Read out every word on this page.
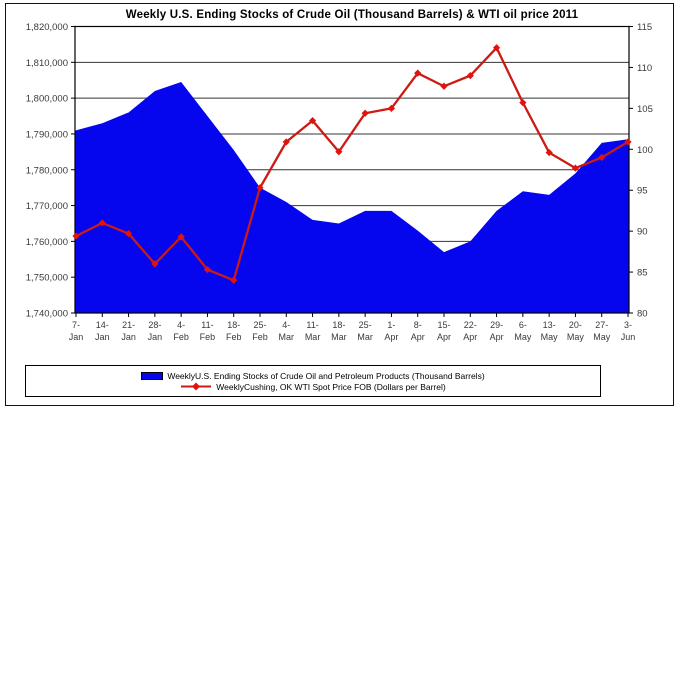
Weekly U.S. Ending Stocks of Crude Oil (Thousand Barrels) & WTI oil price 2011
1,820,000
1,810,000
1,800,000
1,790,000
1,780,000
1,770,000
1,760,000
1,750,000
1,740,000
115
110
105
100
95
90
85
80
7-
Jan
14-
Jan
21-
Jan
28-
Jan
4-
Feb
11-
Feb
18-
Feb
25-
Feb
4-
Mar
11-
Mar
18-
Mar
25-
Mar
1-
Apr
8-
Apr
15-
Apr
22-
Apr
29-
Apr
6-
May
13-
May
20-
May
27-
May
3-
Jun
WeeklyU.S. Ending Stocks of Crude Oil and Petroleum Products (Thousand Barrels)
WeeklyCushing, OK WTI Spot Price FOB (Dollars per Barrel)
